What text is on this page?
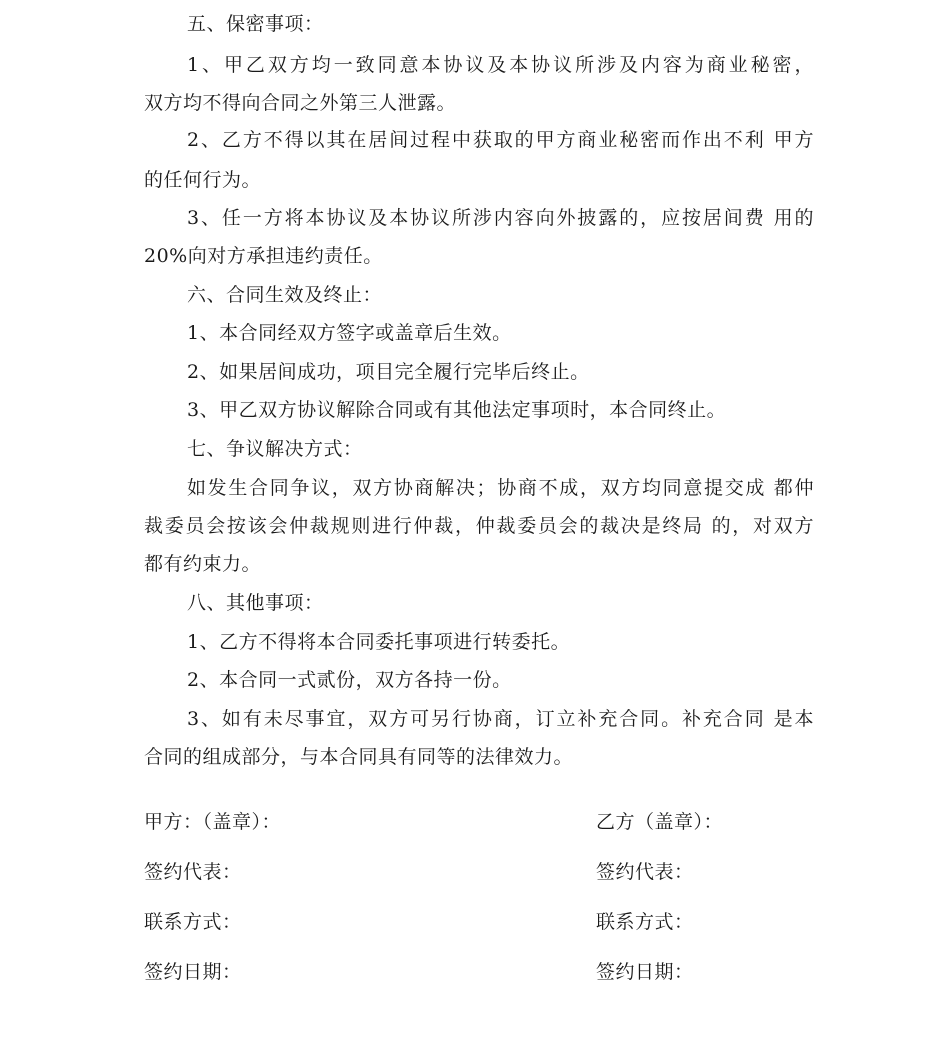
五、保密事项：
1、甲乙双方均一致同意本协议及本协议所涉及内容为商业秘密，
双方均不得向合同之外第三人泄露。
2、乙方不得以其在居间过程中获取的甲方商业秘密而作出不利 甲方
的任何行为。
3、任一方将本协议及本协议所涉内容向外披露的，应按居间费 用的
20%向对方承担违约责任。
六、合同生效及终止：
1、本合同经双方签字或盖章后生效。
2、如果居间成功，项目完全履行完毕后终止。
3、甲乙双方协议解除合同或有其他法定事项时，本合同终止。
七、争议解决方式：
如发生合同争议，双方协商解决；协商不成，双方均同意提交成 都仲
裁委员会按该会仲裁规则进行仲裁，仲裁委员会的裁决是终局 的，对双方
都有约束力。
八、其他事项：
1、乙方不得将本合同委托事项进行转委托。
2、本合同一式贰份，双方各持一份。
3、如有未尽事宜，双方可另行协商，订立补充合同。补充合同 是本
合同的组成部分，与本合同具有同等的法律效力。
甲方：（盖章）：	乙方（盖章）：
签约代表：	签约代表：
联系方式：	联系方式：
签约日期：	签约日期：
